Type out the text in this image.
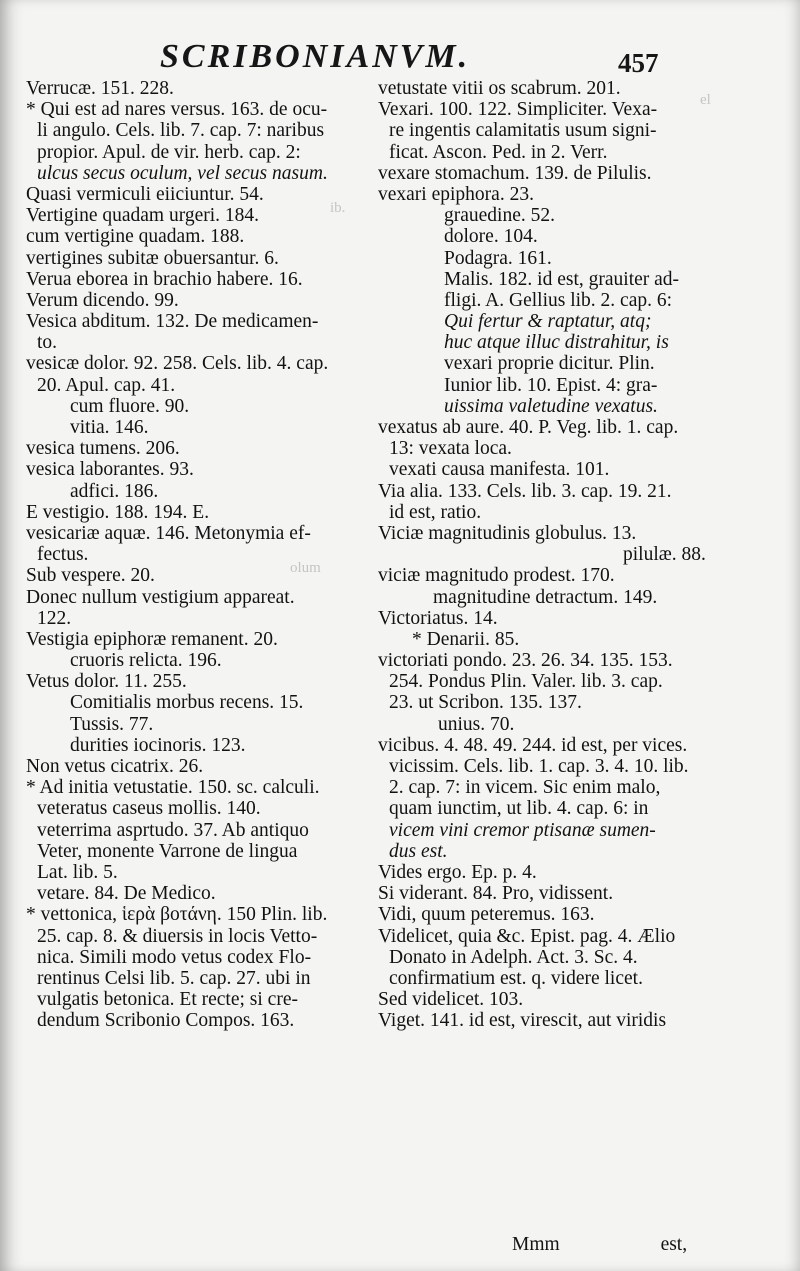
SCRIBONIANVM.	457
el
ib.
olum
Verrucæ. 151. 228.
* Qui est ad nares versus. 163. de ocu-
li angulo. Cels. lib. 7. cap. 7: naribus
propior. Apul. de vir. herb. cap. 2:
ulcus secus oculum, vel secus nasum.
Quasi vermiculi eiiciuntur. 54.
Vertigine quadam urgeri. 184.
cum vertigine quadam. 188.
vertigines subitæ obuersantur. 6.
Verua eborea in brachio habere. 16.
Verum dicendo. 99.
Vesica abditum. 132. De medicamen-
to.
vesicæ dolor. 92. 258. Cels. lib. 4. cap.
20. Apul. cap. 41.
cum fluore. 90.
vitia. 146.
vesica tumens. 206.
vesica laborantes. 93.
adfici. 186.
E vestigio. 188. 194. E.
vesicariæ aquæ. 146. Metonymia ef-
fectus.
Sub vespere. 20.
Donec nullum vestigium appareat.
122.
Vestigia epiphoræ remanent. 20.
cruoris relicta. 196.
Vetus dolor. 11. 255.
Comitialis morbus recens. 15.
Tussis. 77.
durities iocinoris. 123.
Non vetus cicatrix. 26.
* Ad initia vetustatie. 150. sc. calculi.
veteratus caseus mollis. 140.
veterrima asprtudo. 37. Ab antiquo
Veter, monente Varrone de lingua
Lat. lib. 5.
vetare. 84. De Medico.
* vettonica, ἱερὰ βοτάνη. 150 Plin. lib.
25. cap. 8. & diuersis in locis Vetto-
nica. Simili modo vetus codex Flo-
rentinus Celsi lib. 5. cap. 27. ubi in
vulgatis betonica. Et recte; si cre-
dendum Scribonio Compos. 163.
vetustate vitii os scabrum. 201.
Vexari. 100. 122. Simpliciter. Vexa-
re ingentis calamitatis usum signi-
ficat. Ascon. Ped. in 2. Verr.
vexare stomachum. 139. de Pilulis.
vexari epiphora. 23.
grauedine. 52.
dolore. 104.
Podagra. 161.
Malis. 182. id est, grauiter ad-
fligi. A. Gellius lib. 2. cap. 6:
Qui fertur & raptatur, atq;
huc atque illuc distrahitur, is
vexari proprie dicitur. Plin.
Iunior lib. 10. Epist. 4: gra-
uissima valetudine vexatus.
vexatus ab aure. 40. P. Veg. lib. 1. cap.
13: vexata loca.
vexati causa manifesta. 101.
Via alia. 133. Cels. lib. 3. cap. 19. 21.
id est, ratio.
Viciæ magnitudinis globulus. 13.
pilulæ. 88.
viciæ magnitudo prodest. 170.
magnitudine detractum. 149.
Victoriatus. 14.
* Denarii. 85.
victoriati pondo. 23. 26. 34. 135. 153.
254. Pondus Plin. Valer. lib. 3. cap.
23. ut Scribon. 135. 137.
unius. 70.
vicibus. 4. 48. 49. 244. id est, per vices.
vicissim. Cels. lib. 1. cap. 3. 4. 10. lib.
2. cap. 7: in vicem. Sic enim malo,
quam iunctim, ut lib. 4. cap. 6: in
vicem vini cremor ptisanæ sumen-
dus est.
Vides ergo. Ep. p. 4.
Si viderant. 84. Pro, vidissent.
Vidi, quum peteremus. 163.
Videlicet, quia &c. Epist. pag. 4. Ælio
Donato in Adelph. Act. 3. Sc. 4.
confirmatium est. q. videre licet.
Sed videlicet. 103.
Viget. 141. id est, virescit, aut viridis
Mmm	est,
